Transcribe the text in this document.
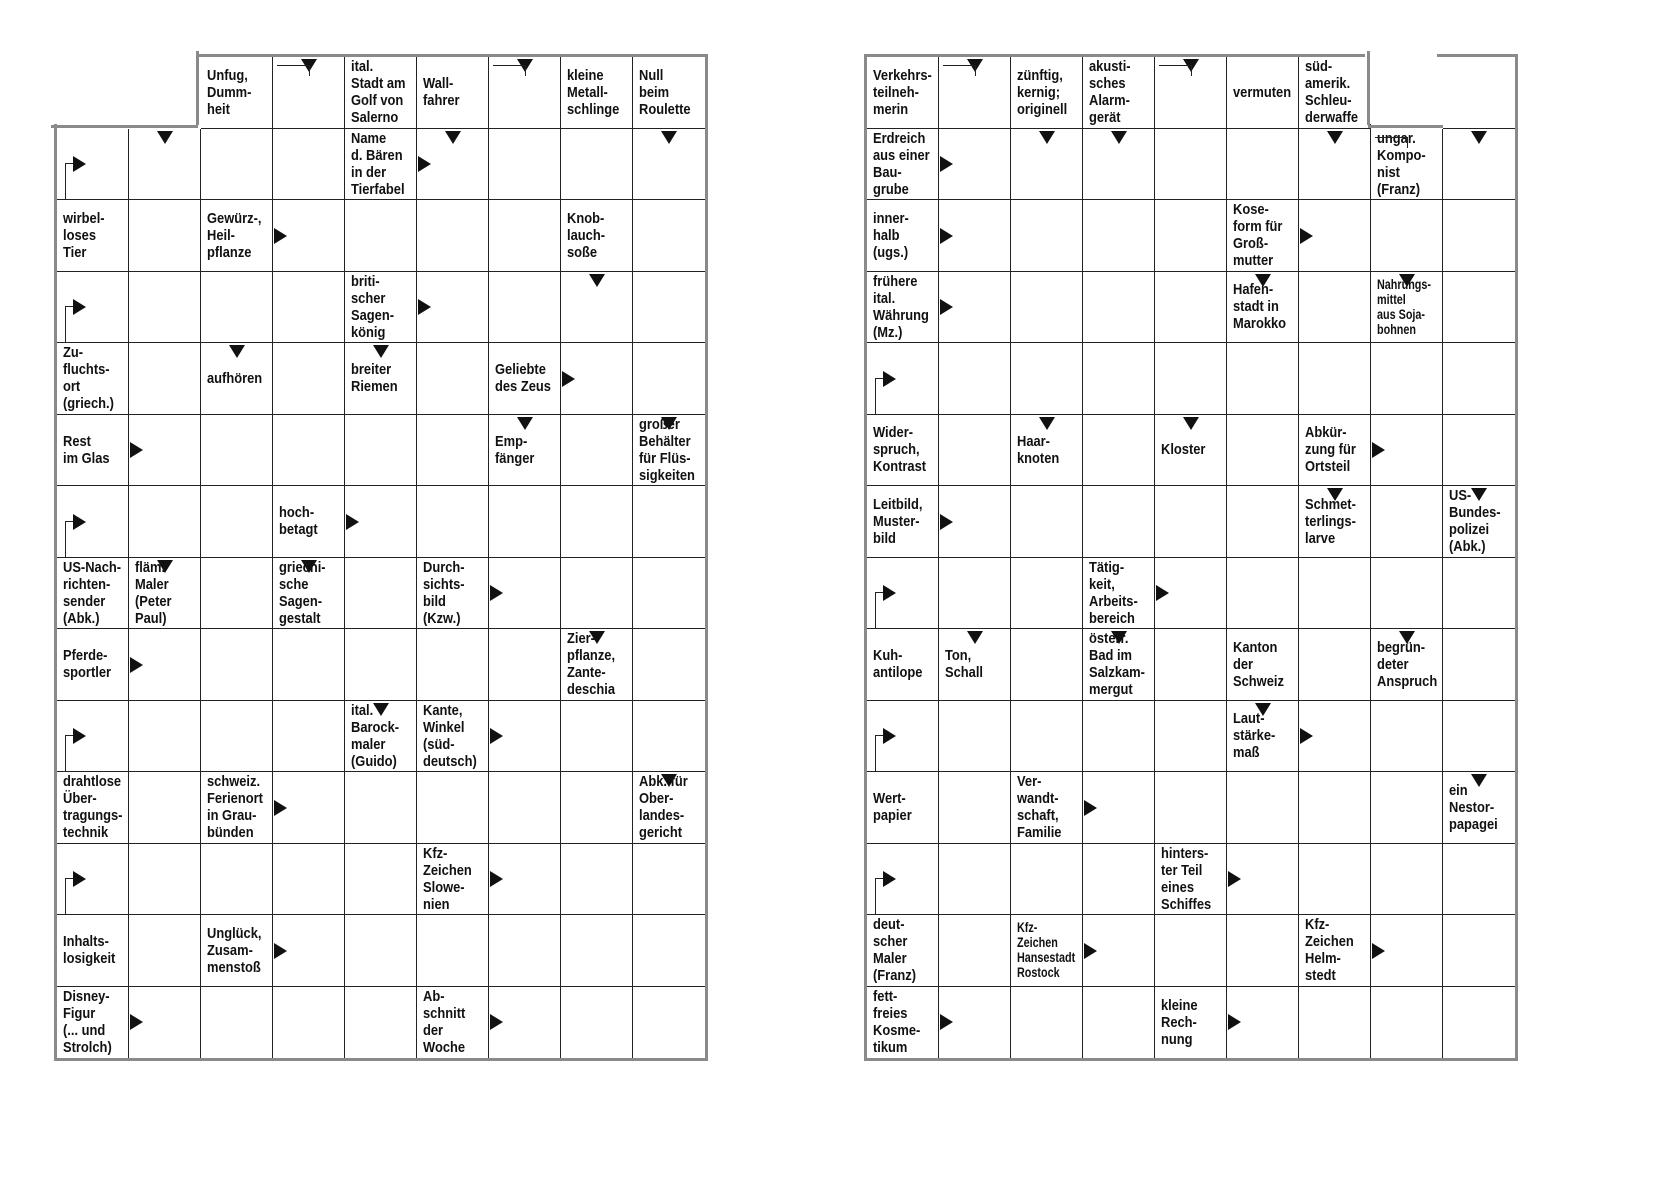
Unfug,
Dumm-
heit
ital.
Stadt am
Golf von
Salerno
Wall-
fahrer
kleine
Metall-
schlinge
Null
beim
Roulette
Name
d. Bären
in der
Tierfabel
wirbel-
loses
Tier
Gewürz-,
Heil-
pflanze
Knob-
lauch-
soße
briti-
scher
Sagen-
könig
Zu-
fluchts-
ort
(griech.)
aufhören	breiter
Riemen
Geliebte
des Zeus
Rest
im Glas
Emp-
fänger
großer
Behälter
für Flüs-
sigkeiten
hoch-
betagt
US-Nach-
richten-
sender
(Abk.)
fläm.
Maler
(Peter
Paul)
griechi-
sche
Sagen-
gestalt
Durch-
sichts-
bild
(Kzw.)
Pferde-
sportler
Zier-
pflanze,
Zante-
deschia
ital.
Barock-
maler
(Guido)
Kante,
Winkel
(süd-
deutsch)
drahtlose
Über-
tragungs-
technik
schweiz.
Ferienort
in Grau-
bünden
Abk. für
Ober-
landes-
gericht
Kfz-
Zeichen
Slowe-
nien
Inhalts-
losigkeit
Unglück,
Zusam-
menstoß
Disney-
Figur
(... und
Strolch)
Ab-
schnitt
der
Woche
Verkehrs-
teilneh-
merin
zünftig,
kernig;
originell
akusti-
sches
Alarm-
gerät
vermuten
süd-
amerik.
Schleu-
derwaffe
Erdreich
aus einer
Bau-
grube
ungar.
Kompo-
nist
(Franz)
inner-
halb
(ugs.)
Kose-
form für
Groß-
mutter
frühere
ital.
Währung
(Mz.)
Hafen-
stadt in
Marokko
Nahrungs-
mittel
aus Soja-
bohnen
Wider-
spruch,
Kontrast
Haar-
knoten	Kloster
Abkür-
zung für
Ortsteil
Leitbild,
Muster-
bild
Schmet-
terlings-
larve
US-
Bundes-
polizei
(Abk.)
Tätig-
keit,
Arbeits-
bereich
Kuh-
antilope
Ton,
Schall
österr.
Bad im
Salzkam-
mergut
Kanton
der
Schweiz
begrün-
deter
Anspruch
Laut-
stärke-
maß
Wert-
papier
Ver-
wandt-
schaft,
Familie
ein
Nestor-
papagei
hinters-
ter Teil
eines
Schiffes
deut-
scher
Maler
(Franz)
Kfz-
Zeichen
Hansestadt
Rostock
Kfz-
Zeichen
Helm-
stedt
fett-
freies
Kosme-
tikum
kleine
Rech-
nung
